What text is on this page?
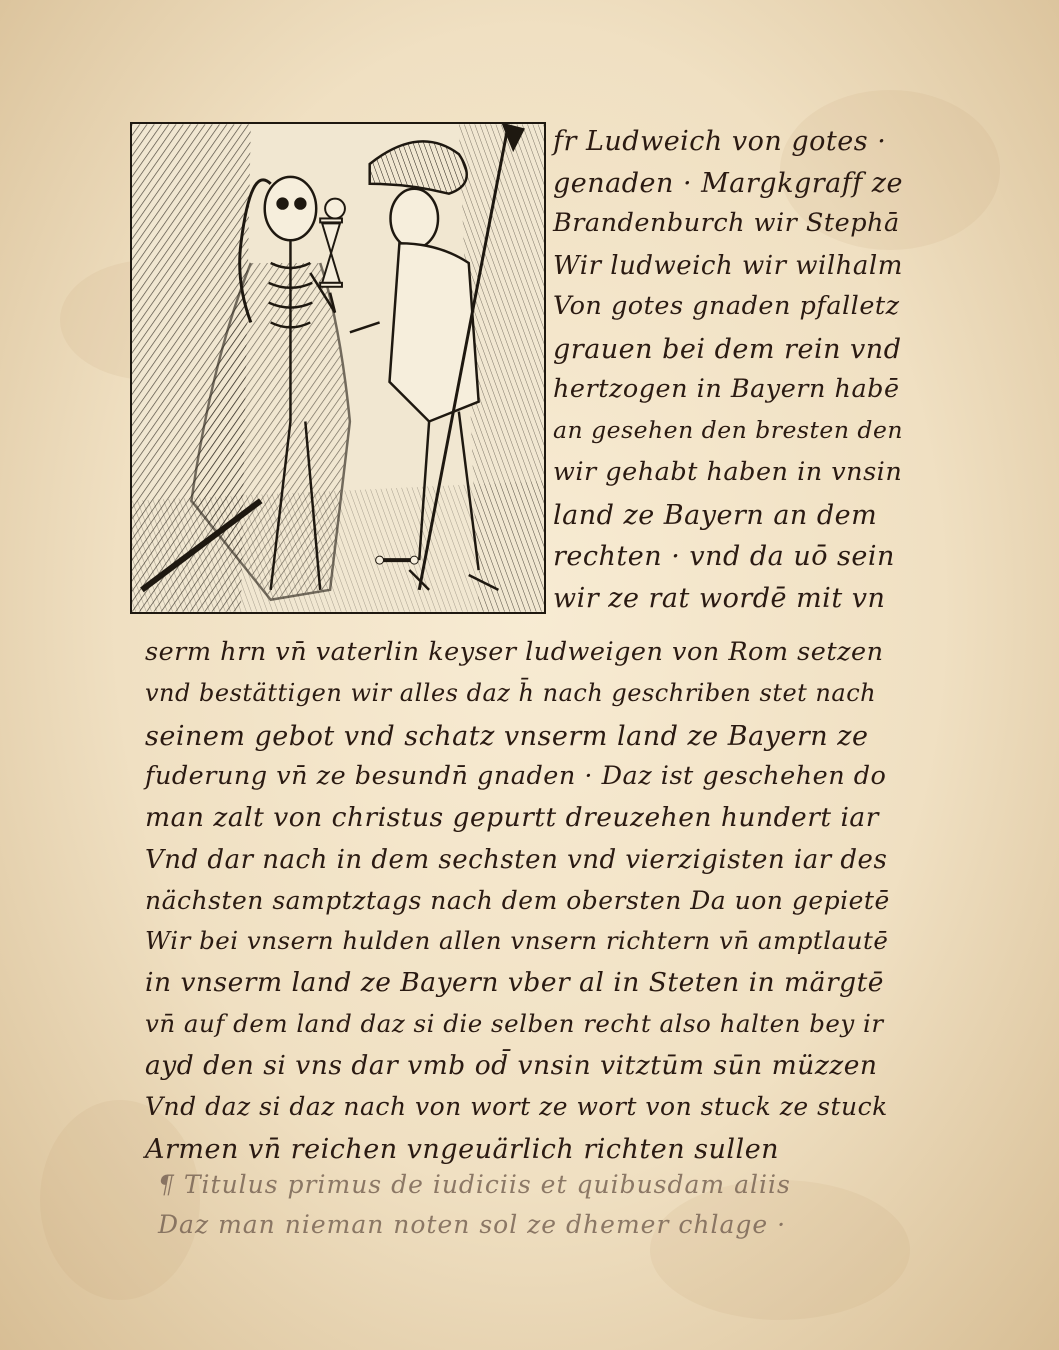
fr Ludweich von gotes ·
genaden · Margkgraff ze
Brandenburch wir Stephā
Wir ludweich wir wilhalm
Von gotes gnaden pfalletz
grauen bei dem rein vnd
hertzogen in Bayern habē
an gesehen den bresten den
wir gehabt haben in vnsin
land ze Bayern an dem
rechten · vnd da uō sein
wir ze rat wordē mit vn
serm hrn vn̄ vaterlin keyser ludweigen von Rom setzen
vnd bestättigen wir alles daz h̄ nach geschriben stet nach
seinem gebot vnd schatz vnserm land ze Bayern ze
fuderung vn̄ ze besundn̄ gnaden · Daz ist geschehen do
man zalt von christus gepurtt dreuzehen hundert iar
Vnd dar nach in dem sechsten vnd vierzigisten iar des
nächsten samptztags nach dem obersten Da uon gepietē
Wir bei vnsern hulden allen vnsern richtern vn̄ amptlautē
in vnserm land ze Bayern vber al in Steten in märgtē
vn̄ auf dem land daz si die selben recht also halten bey ir
ayd den si vns dar vmb od̄ vnsin vitztūm sūn müzzen
Vnd daz si daz nach von wort ze wort von stuck ze stuck
Armen vn̄ reichen vngeuärlich richten sullen
¶ Titulus primus de iudiciis et quibusdam aliis
Daz man nieman noten sol ze dhemer chlage ·
